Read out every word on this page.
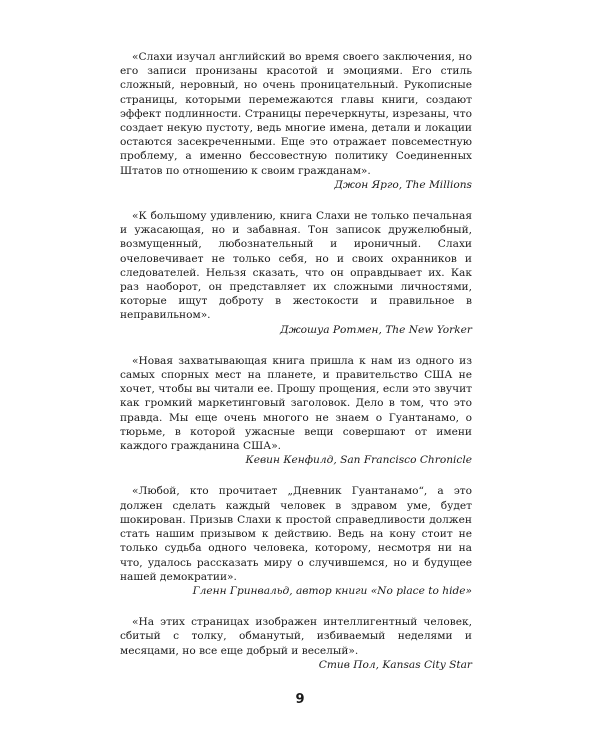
«Слахи изучал английский во время своего заключения, но его записи пронизаны красотой и эмоциями. Его стиль сложный, неровный, но очень проницательный. Рукописные страницы, которыми перемежаются главы книги, создают эффект подлинности. Страницы перечеркнуты, изрезаны, что создает некую пустоту, ведь многие имена, детали и локации остаются засекреченными. Еще это отражает повсеместную проблему, а именно бессовестную политику Соединенных Штатов по отношению к своим гражданам».

Джон Ярго, The Millions

«К большому удивлению, книга Слахи не только печальная и ужасающая, но и забавная. Тон записок дружелюбный, возмущенный, любознательный и ироничный. Слахи очеловечивает не только себя, но и своих охранников и следователей. Нельзя сказать, что он оправдывает их. Как раз наоборот, он представляет их сложными личностями, которые ищут доброту в жестокости и правильное в неправильном».

Джошуа Ротмен, The New Yorker

«Новая захватывающая книга пришла к нам из одного из самых спорных мест на планете, и правительство США не хочет, чтобы вы читали ее. Прошу прощения, если это звучит как громкий маркетинговый заголовок. Дело в том, что это правда. Мы еще очень многого не знаем о Гуантанамо, о тюрьме, в которой ужасные вещи совершают от имени каждого гражданина США».

Кевин Кенфилд, San Francisco Chronicle

«Любой, кто прочитает „Дневник Гуантанамо“, а это должен сделать каждый человек в здравом уме, будет шокирован. Призыв Слахи к простой справедливости должен стать нашим призывом к действию. Ведь на кону стоит не только судьба одного человека, которому, несмотря ни на что, удалось рассказать миру о случившемся, но и будущее нашей демократии».

Гленн Гринвальд, автор книги «No place to hide»

«На этих страницах изображен интеллигентный человек, сбитый с толку, обманутый, избиваемый неделями и месяцами, но все еще добрый и веселый».

Стив Пол, Kansas City Star
9
